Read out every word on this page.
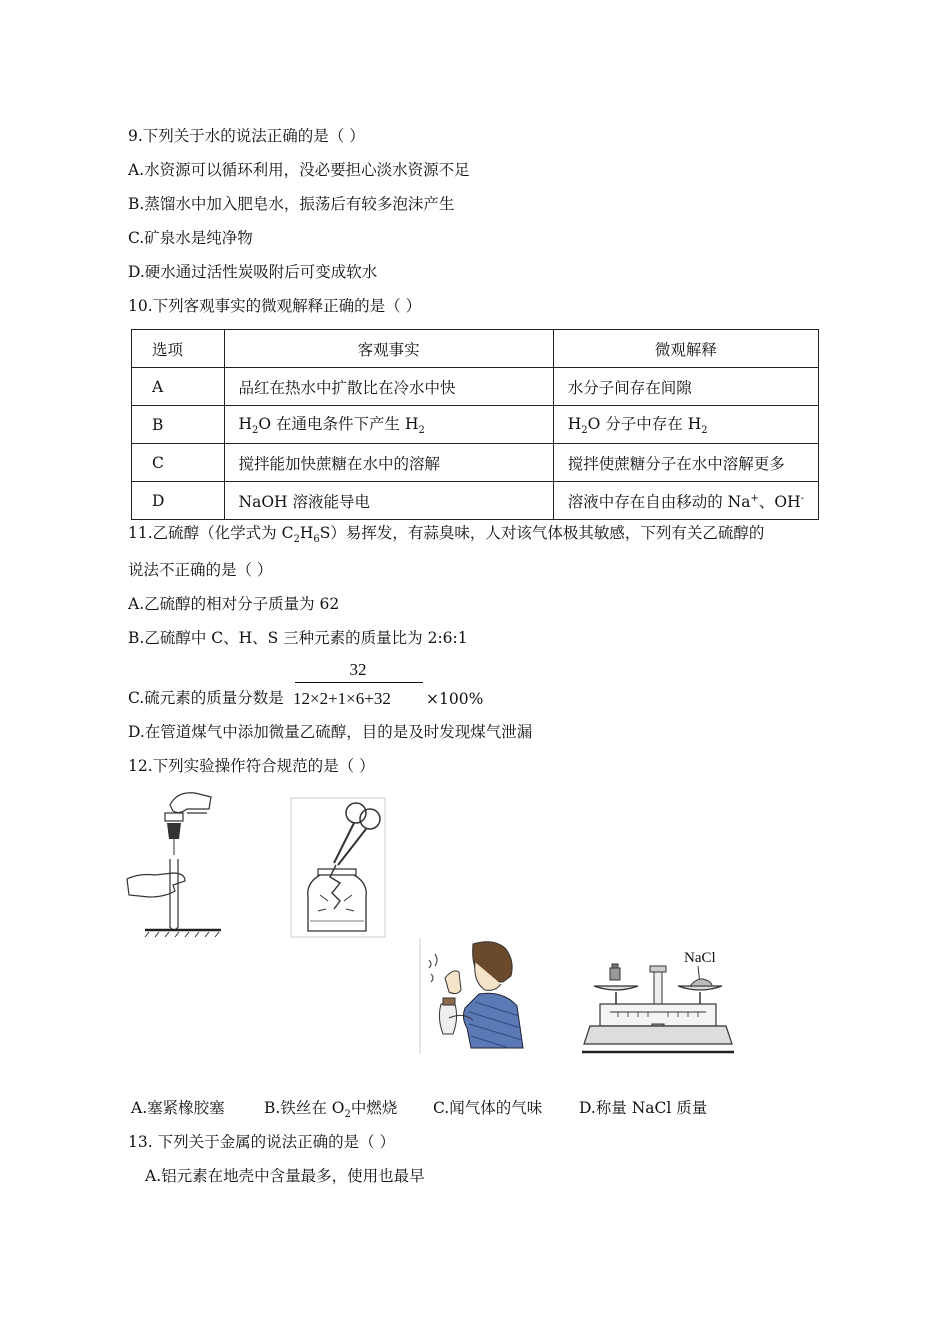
9.下列关于水的说法正确的是（ ）
A.水资源可以循环利用，没必要担心淡水资源不足
B.蒸馏水中加入肥皂水，振荡后有较多泡沫产生
C.矿泉水是纯净物
D.硬水通过活性炭吸附后可变成软水
10.下列客观事实的微观解释正确的是（ ）
选项	客观事实	微观解释
A	品红在热水中扩散比在冷水中快	水分子间存在间隙
B	$H_2O$ 在通电条件下产生 $H_2$	$H_2O$ 分子中存在 $H_2$
C	搅拌能加快蔗糖在水中的溶解	搅拌使蔗糖分子在水中溶解更多
D	NaOH 溶液能导电	溶液中存在自由移动的 Na+、OH-
11.乙硫醇（化学式为 $C_2H_6S$）易挥发，有蒜臭味，人对该气体极其敏感，下列有关乙硫醇的
说法不正确的是（ ）
A.乙硫醇的相对分子质量为 62
B.乙硫醇中 C、H、S 三种元素的质量比为 2:6:1
C.硫元素的质量分数是
32
12×2+1×6+32	×100%
D.在管道煤气中添加微量乙硫醇，目的是及时发现煤气泄漏
12.下列实验操作符合规范的是（ ）
NaCl
A.塞紧橡胶塞	B.铁丝在 $O_2$中燃烧 C.闻气体的气味 D.称量 NaCl 质量
13. 下列关于金属的说法正确的是（ ）
A.铝元素在地壳中含量最多，使用也最早
